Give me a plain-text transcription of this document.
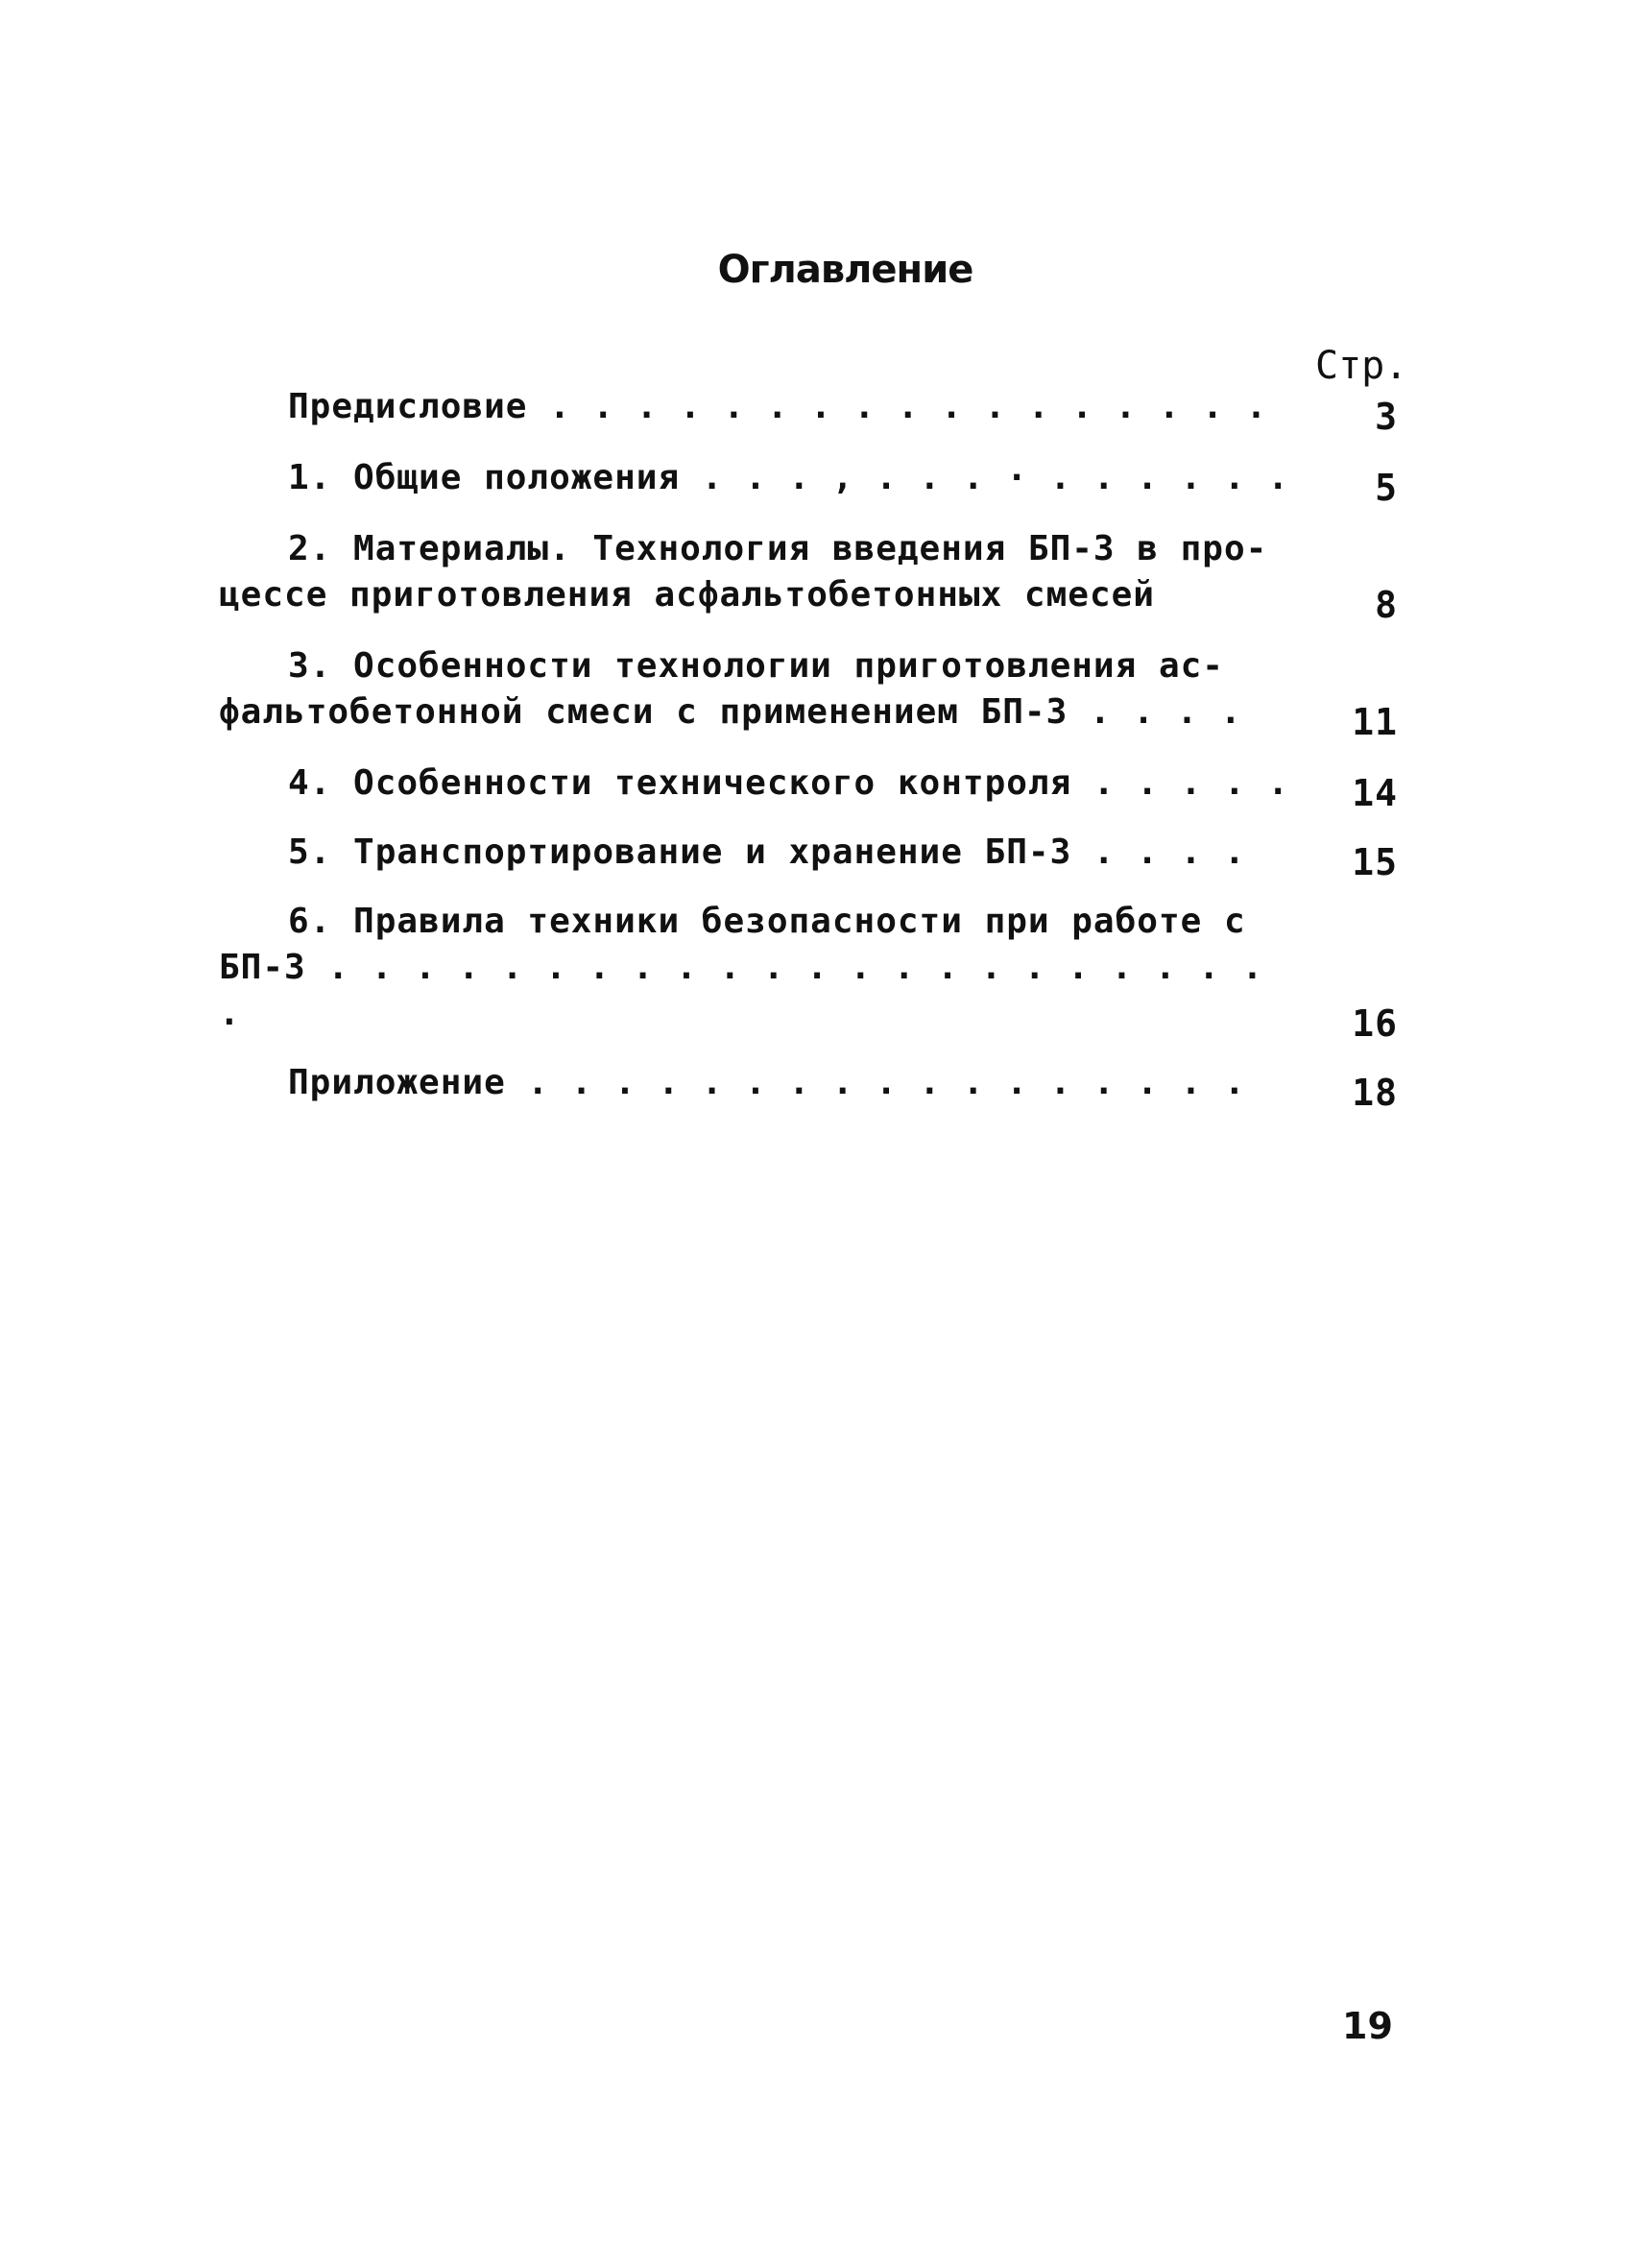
Оглавление
Стр.
Предисловие . . . . . . . . . . . . . . . . .	3
1. Общие положения . . . , . . . · . . . . . .	5
2. Материалы. Технология введения БП-3 в про-
цессе приготовления асфальтобетонных смесей	8
3. Особенности технологии приготовления ас-
фальтобетонной смеси с применением БП-3 . . . .	11
4. Особенности технического контроля . . . . .	14
5. Транспортирование и хранение БП-3 . . . .	15
6. Правила техники безопасности при работе с
БП-3 . . . . . . . . . . . . . . . . . . . . . . .	16
Приложение . . . . . . . . . . . . . . . . .	18
19
